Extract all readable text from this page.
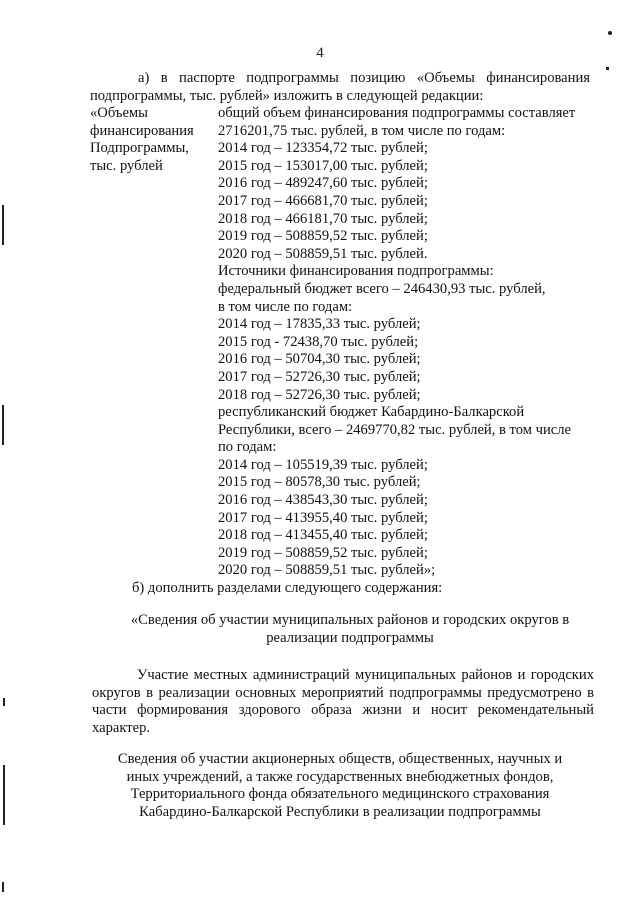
4
а) в паспорте подпрограммы позицию «Объемы финансирования
подпрограммы, тыс. рублей» изложить в следующей редакции:
«Объемы
финансирования
Подпрограммы,
тыс. рублей
общий объем финансирования подпрограммы составляет
2716201,75 тыс. рублей, в том числе по годам:
2014 год – 123354,72 тыс. рублей;
2015 год – 153017,00 тыс. рублей;
2016 год – 489247,60 тыс. рублей;
2017 год – 466681,70 тыс. рублей;
2018 год – 466181,70 тыс. рублей;
2019 год – 508859,52 тыс. рублей;
2020 год – 508859,51 тыс. рублей.
Источники финансирования подпрограммы:
федеральный бюджет всего – 246430,93 тыс. рублей,
в том числе по годам:
2014 год – 17835,33 тыс. рублей;
2015 год - 72438,70 тыс. рублей;
2016 год – 50704,30 тыс. рублей;
2017 год – 52726,30 тыс. рублей;
2018 год – 52726,30 тыс. рублей;
республиканский бюджет Кабардино-Балкарской
Республики, всего – 2469770,82 тыс. рублей, в том числе
по годам:
2014 год – 105519,39 тыс. рублей;
2015 год – 80578,30 тыс. рублей;
2016 год – 438543,30 тыс. рублей;
2017 год – 413955,40 тыс. рублей;
2018 год – 413455,40 тыс. рублей;
2019 год – 508859,52 тыс. рублей;
2020 год – 508859,51 тыс. рублей»;
б) дополнить разделами следующего содержания:
«Сведения об участии муниципальных районов и городских округов в
реализации подпрограммы
Участие местных администраций муниципальных районов и городских округов в реализации основных мероприятий подпрограммы предусмотрено в части формирования здорового образа жизни и носит рекомендательный характер.
Сведения об участии акционерных обществ, общественных, научных и
иных учреждений, а также государственных внебюджетных фондов,
Территориального фонда обязательного медицинского страхования
Кабардино-Балкарской Республики в реализации подпрограммы
